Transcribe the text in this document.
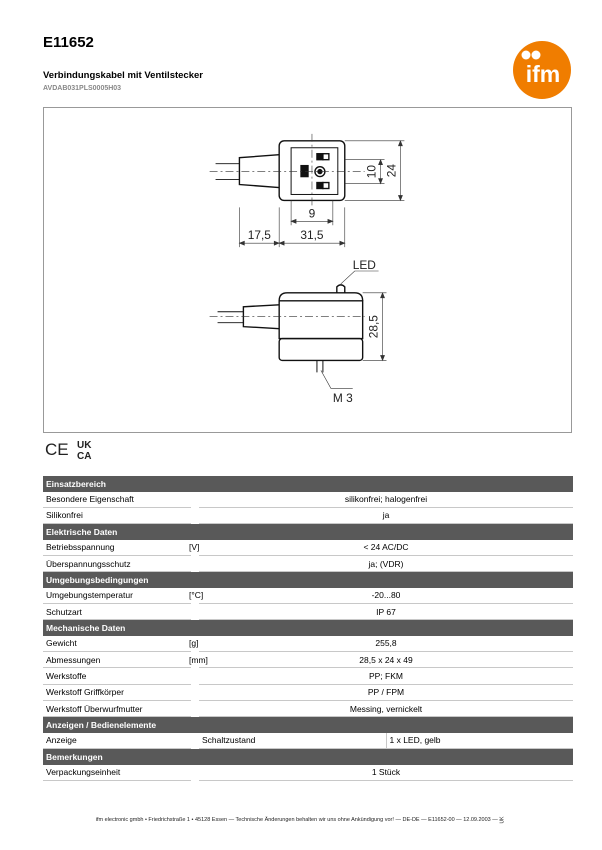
E11652
Verbindungskabel mit Ventilstecker
AVDAB031PLS0005H03
ifm
17,5 31,5
9
10 24
28,5
LED
M 3
CE UK
CA
Einsatzbereich				
Besondere Eigenschaft			silikonfrei; halogenfrei	
Silikonfrei			ja	
Elektrische Daten				
Betriebsspannung	[V]		< 24 AC/DC	
Überspannungsschutz			ja; (VDR)	
Umgebungsbedingungen				
Umgebungstemperatur	[°C]		-20...80	
Schutzart			IP 67	
Mechanische Daten				
Gewicht	[g]		255,8	
Abmessungen	[mm]		28,5 x 24 x 49	
Werkstoffe			PP; FKM	
Werkstoff Griffkörper			PP / FPM	
Werkstoff Überwurfmutter			Messing, vernickelt	
Anzeigen / Bedienelemente				
Anzeige			Schaltzustand	1 x LED, gelb
Bemerkungen				
Verpackungseinheit			1 Stück	
ifm electronic gmbh • Friedrichstraße 1 • 45128 Essen — Technische Änderungen behalten wir uns ohne Ankündigung vor! — DE-DE — E11652-00 — 12.09.2003 — UK
